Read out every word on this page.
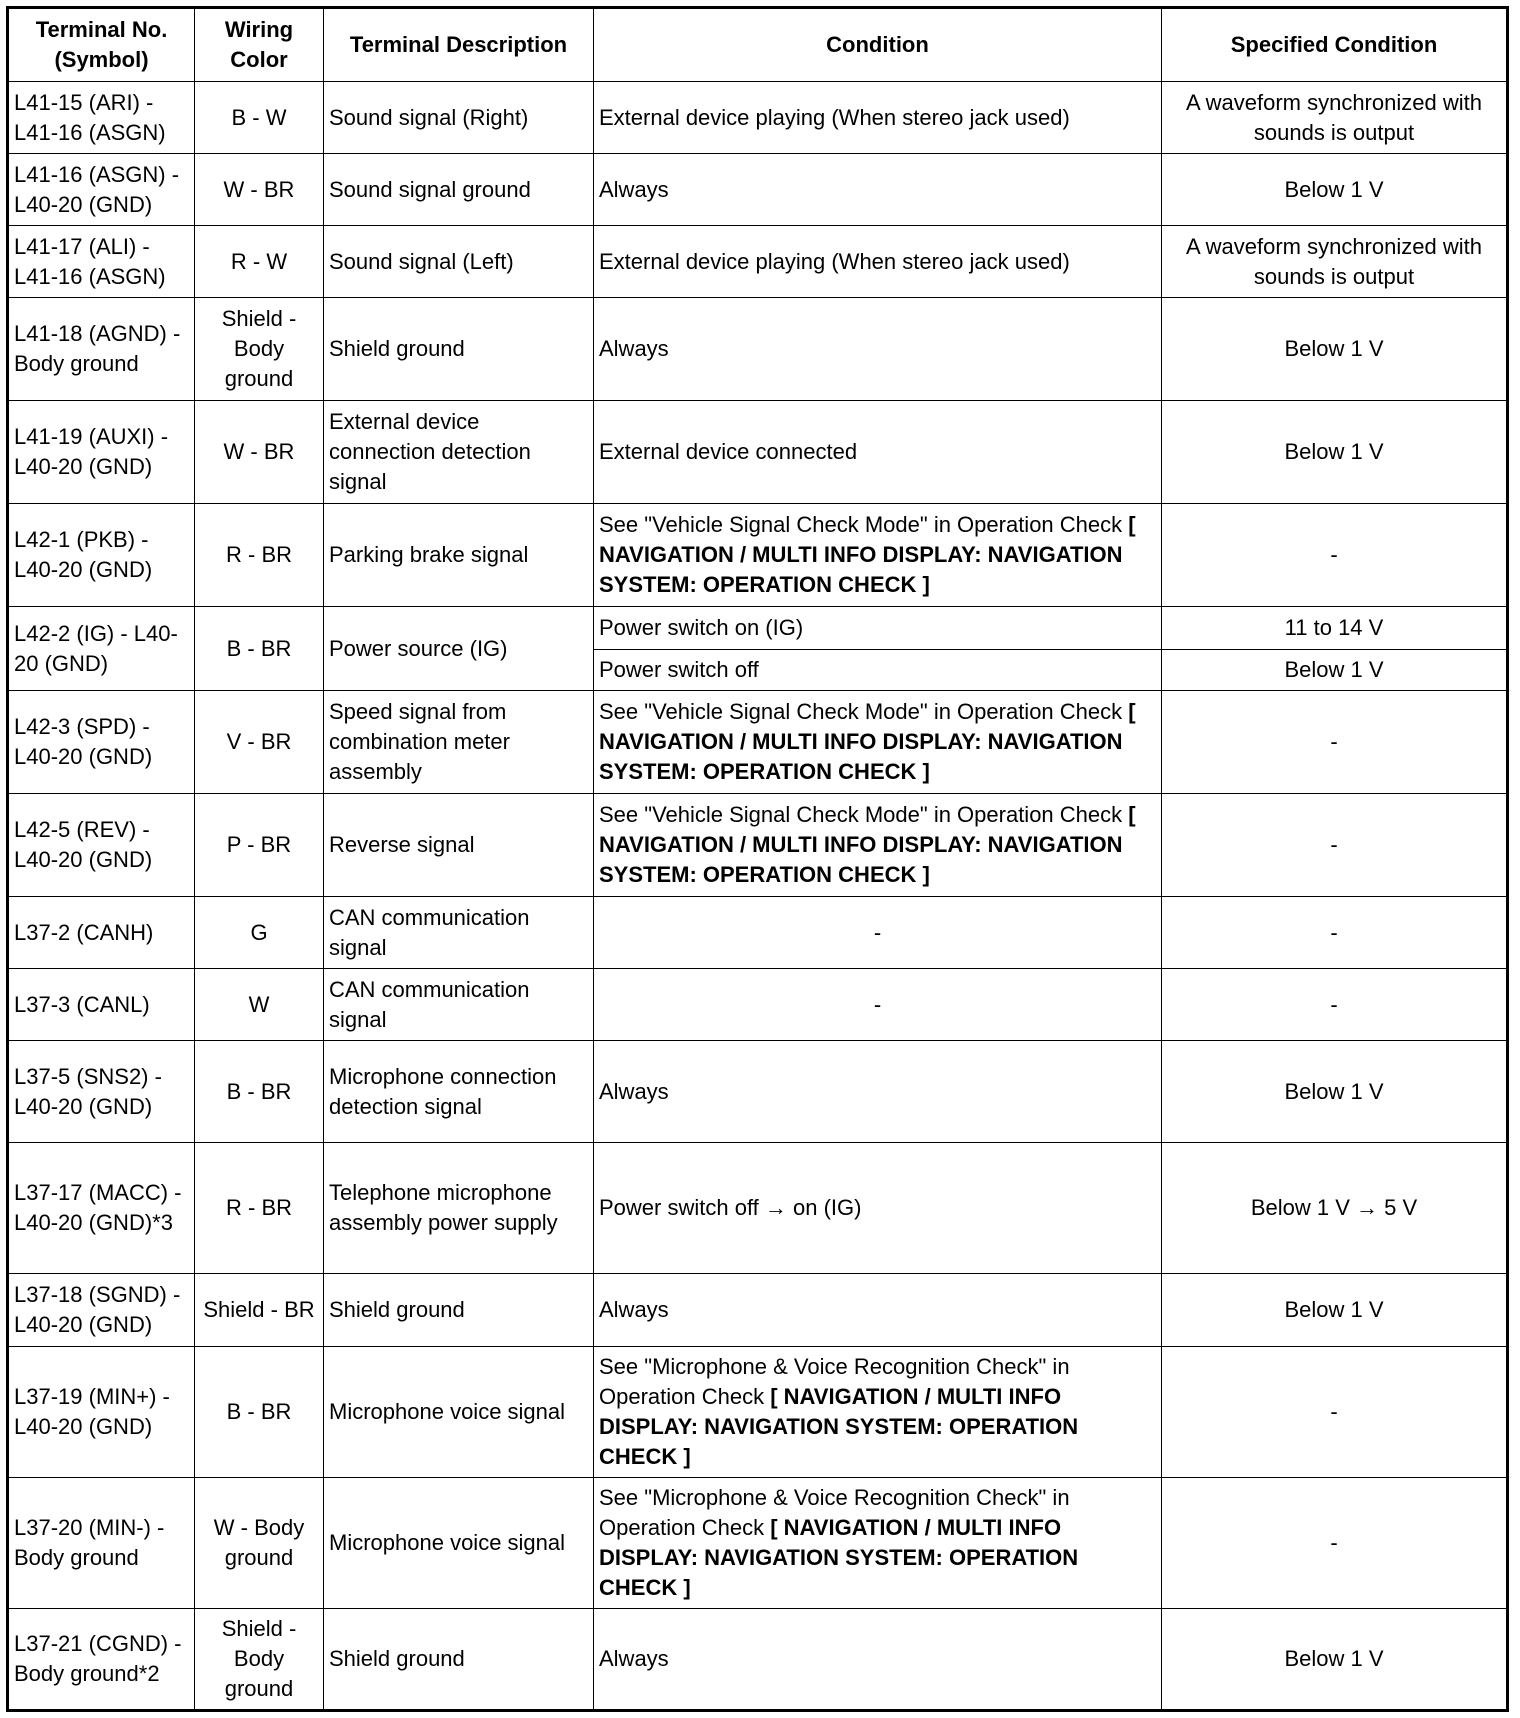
Terminal No. (Symbol)	Wiring Color	Terminal Description	Condition	Specified Condition
L41-15 (ARI) - L41-16 (ASGN)	B - W	Sound signal (Right)	External device playing (When stereo jack used)	A waveform synchronized with sounds is output
L41-16 (ASGN) - L40-20 (GND)	W - BR	Sound signal ground	Always	Below 1 V
L41-17 (ALI) - L41-16 (ASGN)	R - W	Sound signal (Left)	External device playing (When stereo jack used)	A waveform synchronized with sounds is output
L41-18 (AGND) - Body ground	Shield - Body ground	Shield ground	Always	Below 1 V
L41-19 (AUXI) - L40-20 (GND)	W - BR	External device connection detection signal	External device connected	Below 1 V
L42-1 (PKB) - L40-20 (GND)	R - BR	Parking brake signal	See "Vehicle Signal Check Mode" in Operation Check [ NAVIGATION / MULTI INFO DISPLAY: NAVIGATION SYSTEM: OPERATION CHECK ]	-
L42-2 (IG) - L40-20 (GND)	B - BR	Power source (IG)	Power switch on (IG)	11 to 14 V
			Power switch off	Below 1 V
L42-3 (SPD) - L40-20 (GND)	V - BR	Speed signal from combination meter assembly	See "Vehicle Signal Check Mode" in Operation Check [ NAVIGATION / MULTI INFO DISPLAY: NAVIGATION SYSTEM: OPERATION CHECK ]	-
L42-5 (REV) - L40-20 (GND)	P - BR	Reverse signal	See "Vehicle Signal Check Mode" in Operation Check [ NAVIGATION / MULTI INFO DISPLAY: NAVIGATION SYSTEM: OPERATION CHECK ]	-
L37-2 (CANH)	G	CAN communication signal	-	-
L37-3 (CANL)	W	CAN communication signal	-	-
L37-5 (SNS2) - L40-20 (GND)	B - BR	Microphone connection detection signal	Always	Below 1 V
L37-17 (MACC) - L40-20 (GND)*3	R - BR	Telephone microphone assembly power supply	Power switch off → on (IG)	Below 1 V → 5 V
L37-18 (SGND) - L40-20 (GND)	Shield - BR	Shield ground	Always	Below 1 V
L37-19 (MIN+) - L40-20 (GND)	B - BR	Microphone voice signal	See "Microphone & Voice Recognition Check" in Operation Check [ NAVIGATION / MULTI INFO DISPLAY: NAVIGATION SYSTEM: OPERATION CHECK ]	-
L37-20 (MIN-) - Body ground	W - Body ground	Microphone voice signal	See "Microphone & Voice Recognition Check" in Operation Check [ NAVIGATION / MULTI INFO DISPLAY: NAVIGATION SYSTEM: OPERATION CHECK ]	-
L37-21 (CGND) - Body ground*2	Shield - Body ground	Shield ground	Always	Below 1 V
